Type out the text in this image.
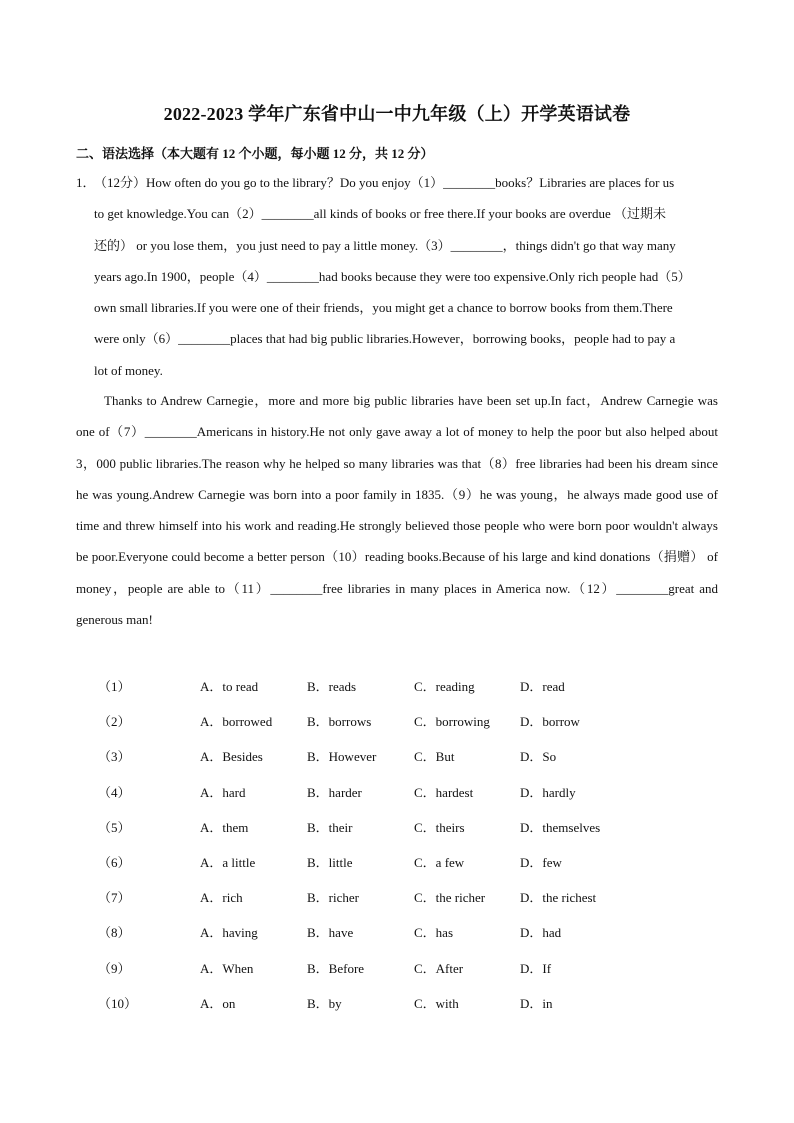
2022-2023 学年广东省中山一中九年级（上）开学英语试卷
二、语法选择（本大题有 12 个小题，每小题 12 分，共 12 分）
1．（12分）How often do you go to the library？Do you enjoy（1）________books？Libraries are places for us
to get knowledge.You can（2）________all kinds of books or free there.If your books are overdue （过期未
还的） or you lose them，you just need to pay a little money.（3）________，things didn't go that way many
years ago.In 1900，people（4）________had books because they were too expensive.Only rich people had（5）
own small libraries.If you were one of their friends，you might get a chance to borrow books from them.There
were only（6）________places that had big public libraries.However，borrowing books，people had to pay a
lot of money.
Thanks to Andrew Carnegie，more and more big public libraries have been set up.In fact，Andrew Carnegie was one of（7）________Americans in history.He not only gave away a lot of money to help the poor but also helped about 3，000 public libraries.The reason why he helped so many libraries was that（8）free libraries had been his dream since he was young.Andrew Carnegie was born into a poor family in 1835.（9）he was young，he always made good use of time and threw himself into his work and reading.He strongly believed those people who were born poor wouldn't always be poor.Everyone could become a better person（10）reading books.Because of his large and kind donations（捐赠） of money，people are able to（11）________free libraries in many places in America now.（12）________great and generous man!
（1）	A．to read	B．reads	C．reading	D．read
（2）	A．borrowed	B．borrows	C．borrowing D．borrow
（3）	A．Besides	B．However	C．But	D．So
（4）	A．hard	B．harder	C．hardest	D．hardly
（5）	A．them	B．their	C．theirs	D．themselves
（6）	A．a little	B．little	C．a few	D．few
（7）	A．rich	B．richer	C．the richer	D．the richest
（8）	A．having	B．have	C．has	D．had
（9）	A．When	B．Before	C．After	D．If
（10）	A．on	B．by	C．with	D．in
